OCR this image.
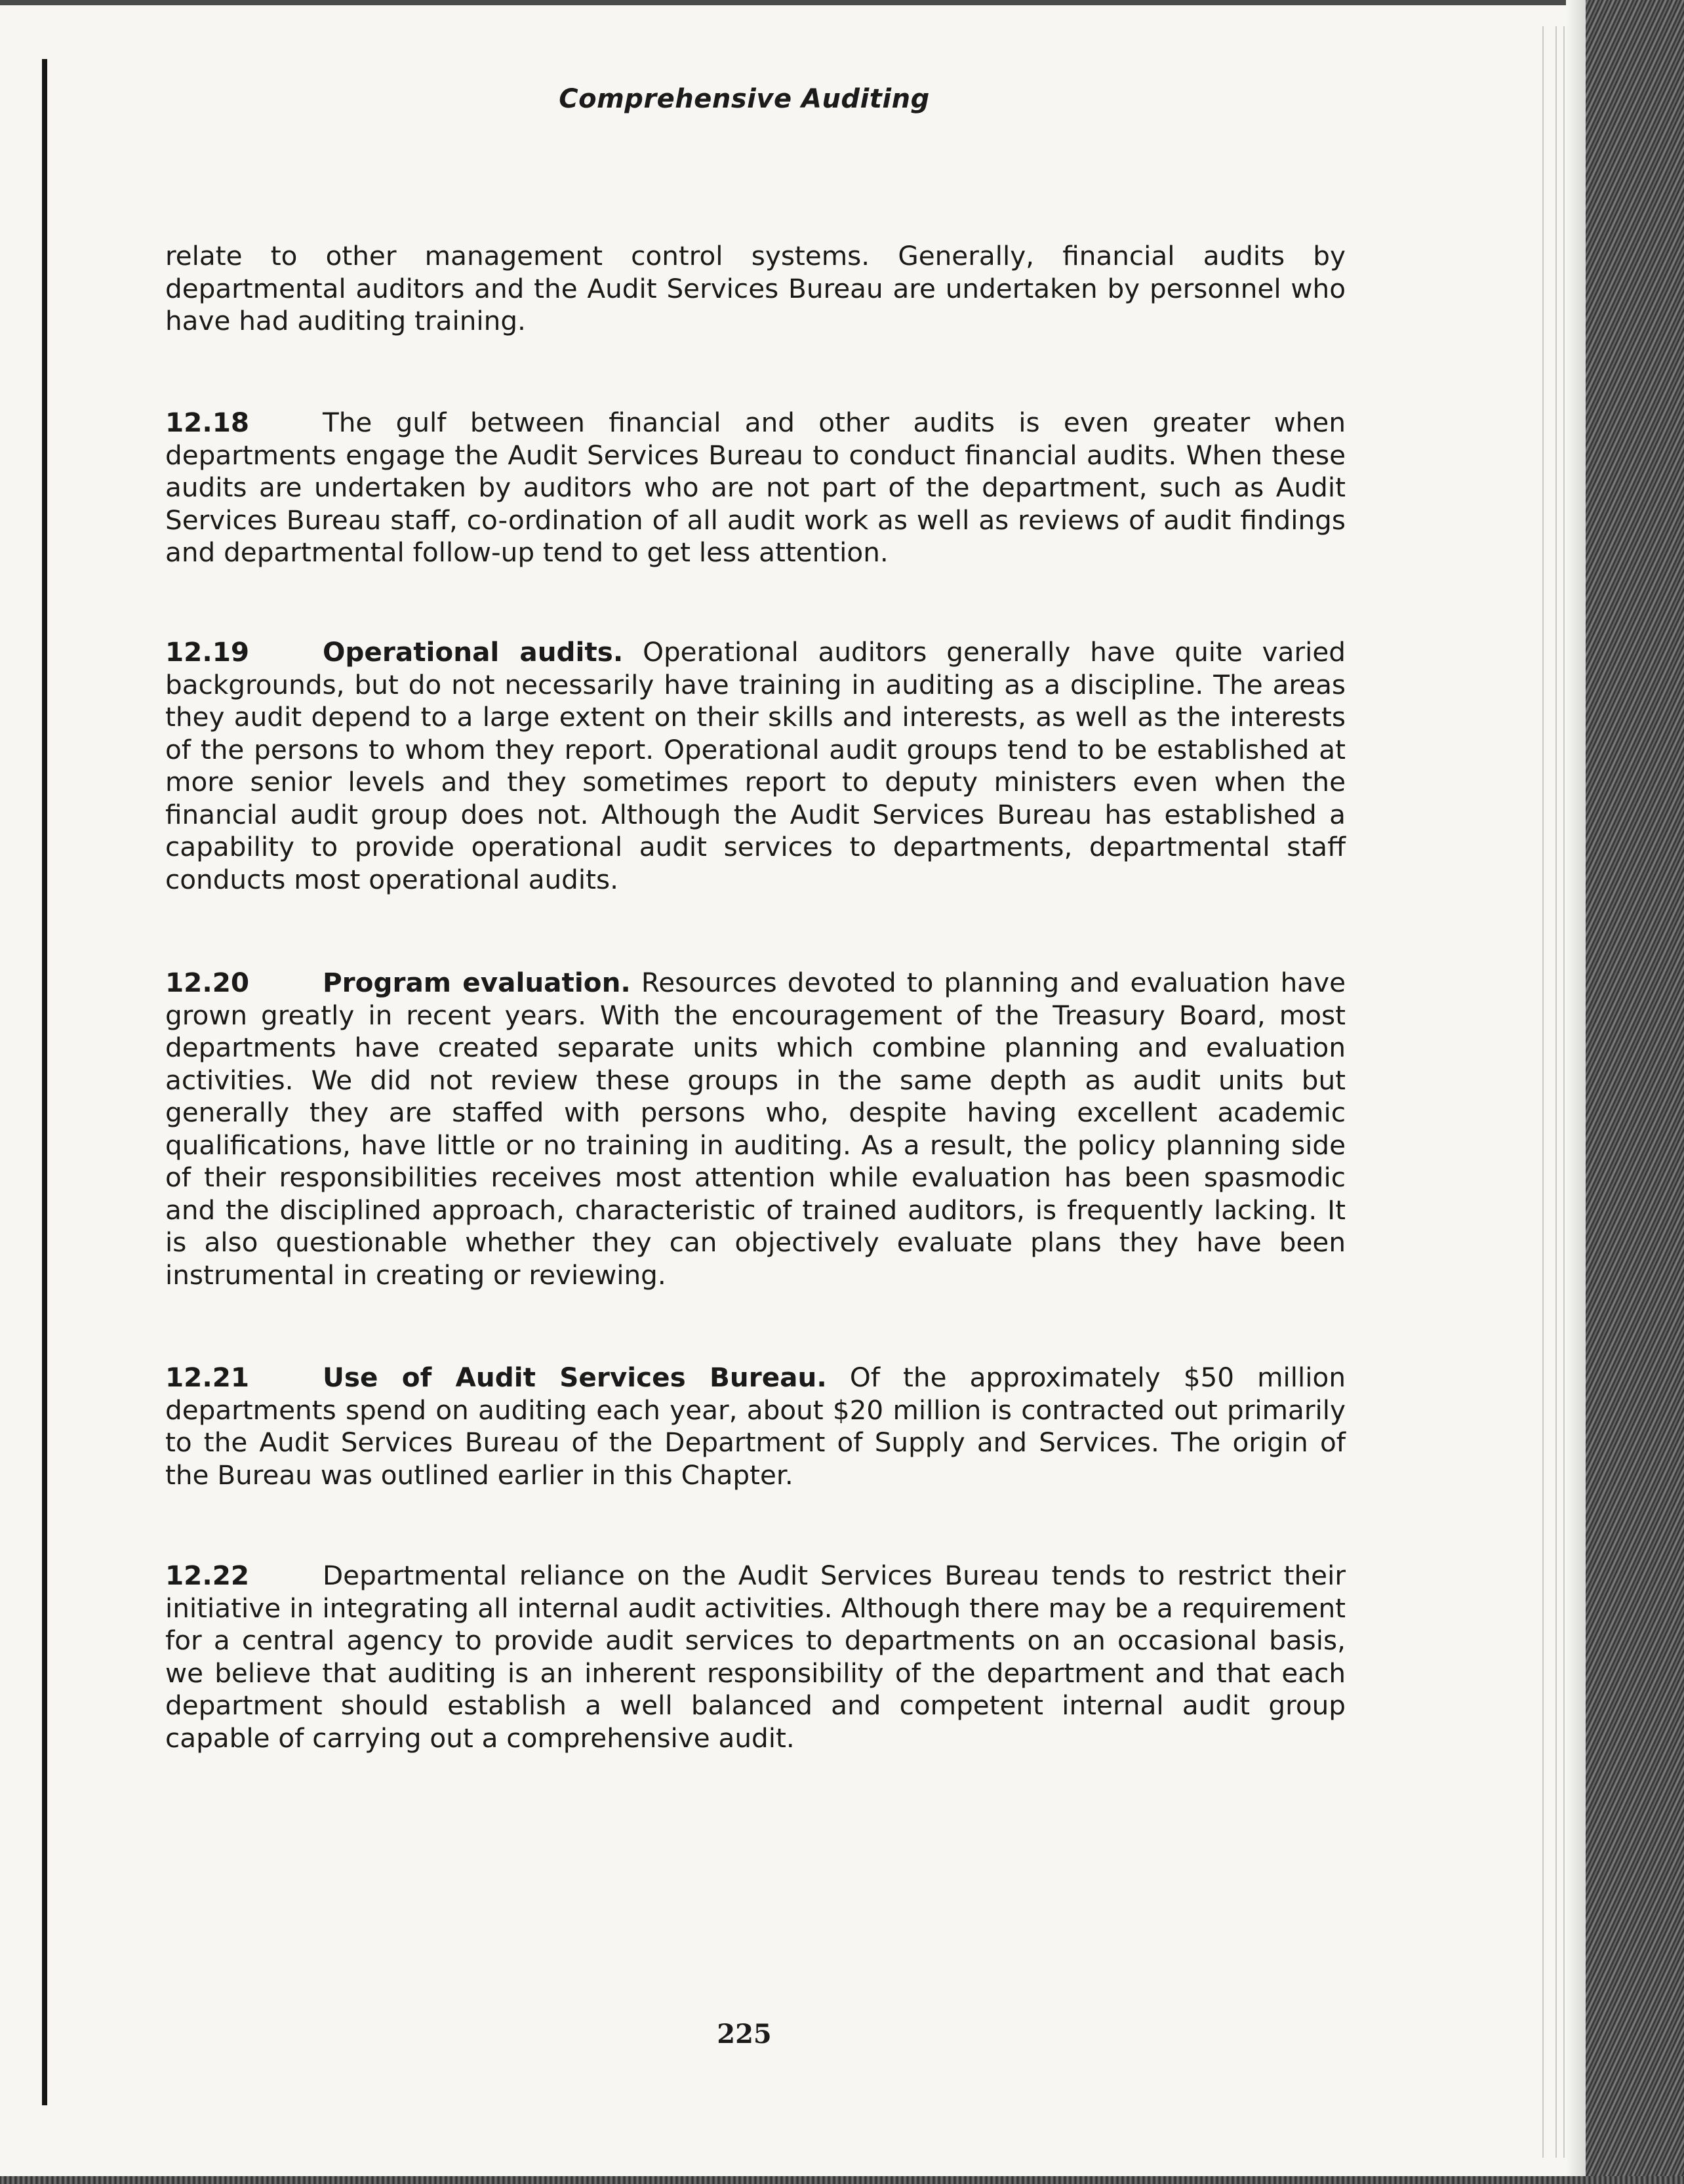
Comprehensive Auditing
relate to other management control systems. Generally, financial audits by departmental auditors and the Audit Services Bureau are undertaken by personnel who have had auditing training.
12.18	The gulf between financial and other audits is even greater when departments engage the Audit Services Bureau to conduct financial audits. When these audits are undertaken by auditors who are not part of the department, such as Audit Services Bureau staff, co-ordination of all audit work as well as reviews of audit findings and departmental follow-up tend to get less attention.
12.19	Operational audits. Operational auditors generally have quite varied backgrounds, but do not necessarily have training in auditing as a discipline. The areas they audit depend to a large extent on their skills and interests, as well as the interests of the persons to whom they report. Operational audit groups tend to be established at more senior levels and they sometimes report to deputy ministers even when the financial audit group does not. Although the Audit Services Bureau has established a capability to provide operational audit services to departments, departmental staff conducts most operational audits.
12.20	Program evaluation. Resources devoted to planning and evaluation have grown greatly in recent years. With the encouragement of the Treasury Board, most departments have created separate units which combine planning and evaluation activities. We did not review these groups in the same depth as audit units but generally they are staffed with persons who, despite having excellent academic qualifications, have little or no training in auditing. As a result, the policy planning side of their responsibilities receives most attention while evaluation has been spasmodic and the disciplined approach, characteristic of trained auditors, is frequently lacking. It is also questionable whether they can objectively evaluate plans they have been instrumental in creating or reviewing.
12.21	Use of Audit Services Bureau. Of the approximately $50 million departments spend on auditing each year, about $20 million is contracted out primarily to the Audit Services Bureau of the Department of Supply and Services. The origin of the Bureau was outlined earlier in this Chapter.
12.22	Departmental reliance on the Audit Services Bureau tends to restrict their initiative in integrating all internal audit activities. Although there may be a requirement for a central agency to provide audit services to departments on an occasional basis, we believe that auditing is an inherent responsibility of the department and that each department should establish a well balanced and competent internal audit group capable of carrying out a comprehensive audit.
225
